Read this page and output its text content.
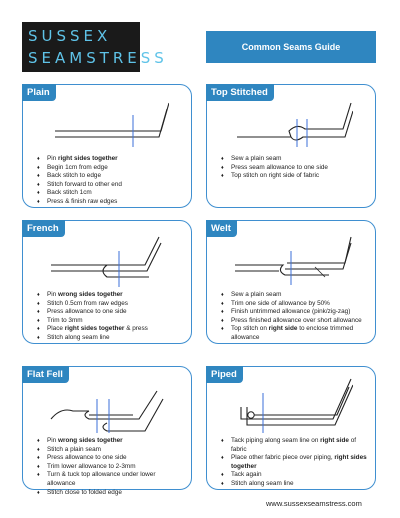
SUSSEX
SEAMSTRESS
Common Seams Guide
Plain
♦ Pin right sides together
♦ Begin 1cm from edge
♦ Back stitch to edge
♦ Stitch forward to other end
♦ Back stitch 1cm
♦ Press & finish raw edges
Top Stitched
♦ Sew a plain seam
♦ Press seam allowance to one side
♦ Top stitch on right side of fabric
French
♦ Pin wrong sides together
♦ Stitch 0.5cm from raw edges
♦ Press allowance to one side
♦ Trim to 3mm
♦ Place right sides together & press
♦ Stitch along seam line
Welt
♦ Sew a plain seam
♦ Trim one side of allowance by 50%
♦ Finish untrimmed allowance (pink/zig-zag)
♦ Press finished allowance over short allowance
♦ Top stitch on right side to enclose trimmed allowance
Flat Fell
♦ Pin wrong sides together
♦ Stitch a plain seam
♦ Press allowance to one side
♦ Trim lower allowance to 2-3mm
♦ Turn & tuck top allowance under lower allowance
♦ Stitch close to folded edge
Piped
♦ Tack piping along seam line on right side of fabric
♦ Place other fabric piece over piping, right sides together
♦ Tack again
♦ Stitch along seam line
www.sussexseamstress.com
